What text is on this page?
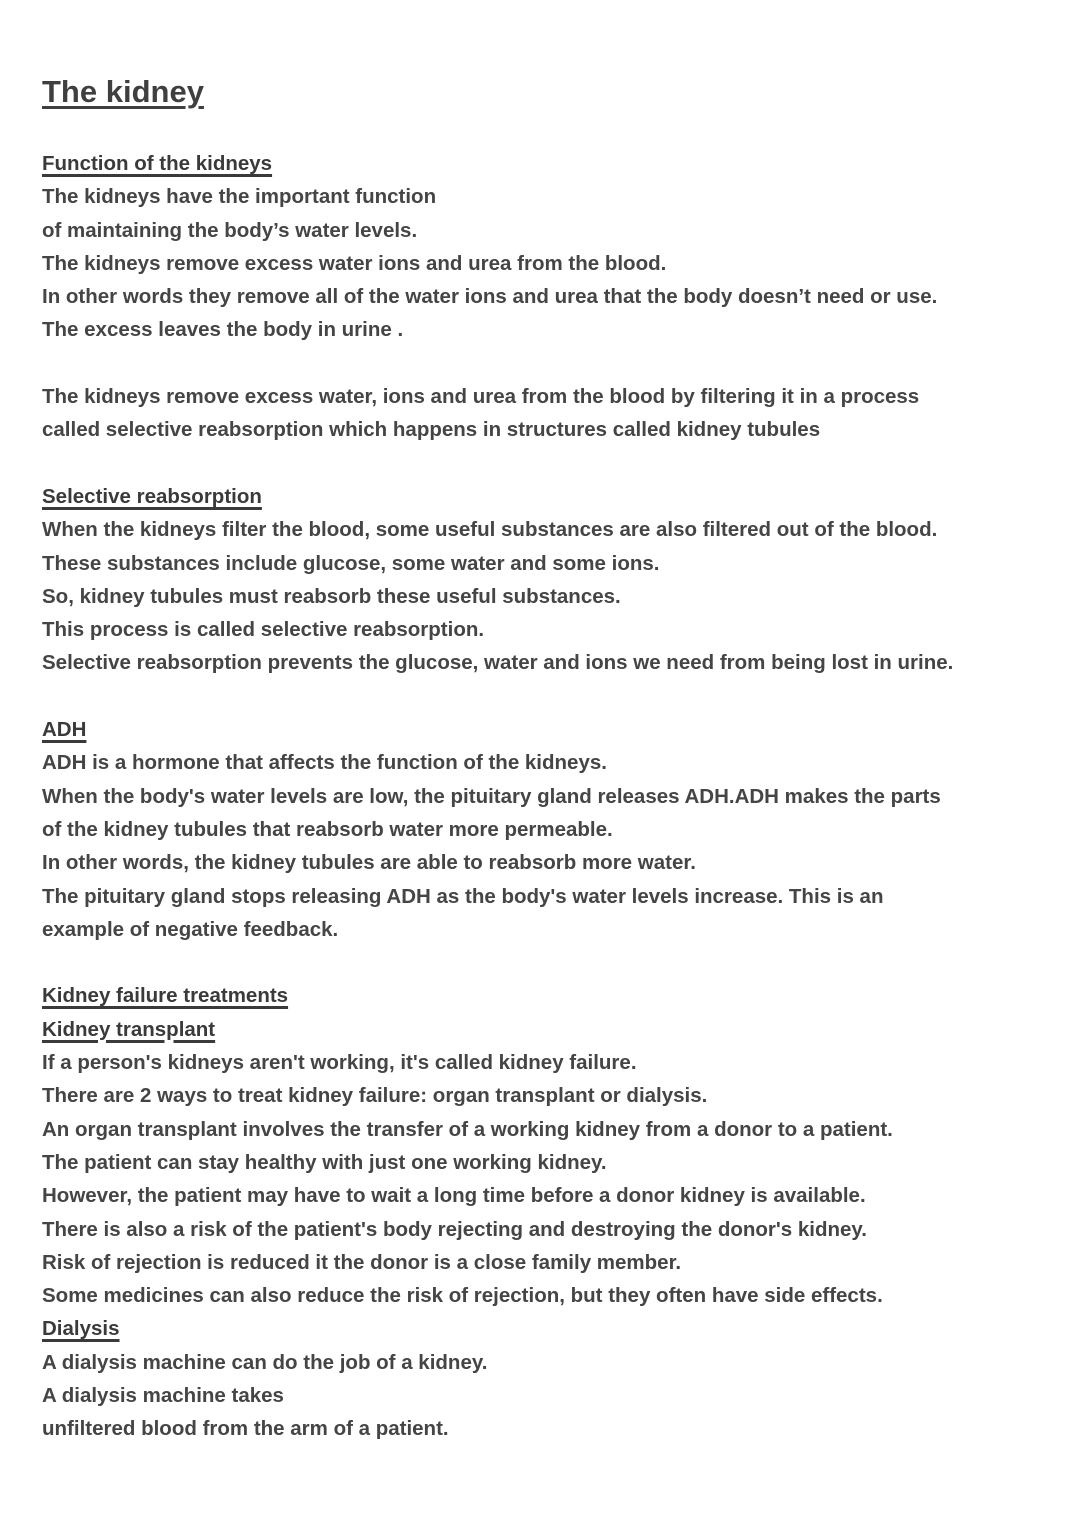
The kidney
Function of the kidneys
The kidneys have the important function
of maintaining the body’s water levels.
The kidneys remove excess water ions and urea from the blood.
In other words they remove all of the water ions and urea that the body doesn’t need or use.
The excess leaves the body in urine .
The kidneys remove excess water, ions and urea from the blood by filtering it in a process
called selective reabsorption which happens in structures called kidney tubules
Selective reabsorption
When the kidneys filter the blood, some useful substances are also filtered out of the blood.
These substances include glucose, some water and some ions.
So, kidney tubules must reabsorb these useful substances.
This process is called selective reabsorption.
Selective reabsorption prevents the glucose, water and ions we need from being lost in urine.
ADH
ADH is a hormone that affects the function of the kidneys.
When the body's water levels are low, the pituitary gland releases ADH.ADH makes the parts
of the kidney tubules that reabsorb water more permeable.
In other words, the kidney tubules are able to reabsorb more water.
The pituitary gland stops releasing ADH as the body's water levels increase. This is an
example of negative feedback.
Kidney failure treatments
Kidney transplant
If a person's kidneys aren't working, it's called kidney failure.
There are 2 ways to treat kidney failure: organ transplant or dialysis.
An organ transplant involves the transfer of a working kidney from a donor to a patient.
The patient can stay healthy with just one working kidney.
However, the patient may have to wait a long time before a donor kidney is available.
There is also a risk of the patient's body rejecting and destroying the donor's kidney.
Risk of rejection is reduced it the donor is a close family member.
Some medicines can also reduce the risk of rejection, but they often have side effects.
Dialysis
A dialysis machine can do the job of a kidney.
A dialysis machine takes
unfiltered blood from the arm of a patient.
